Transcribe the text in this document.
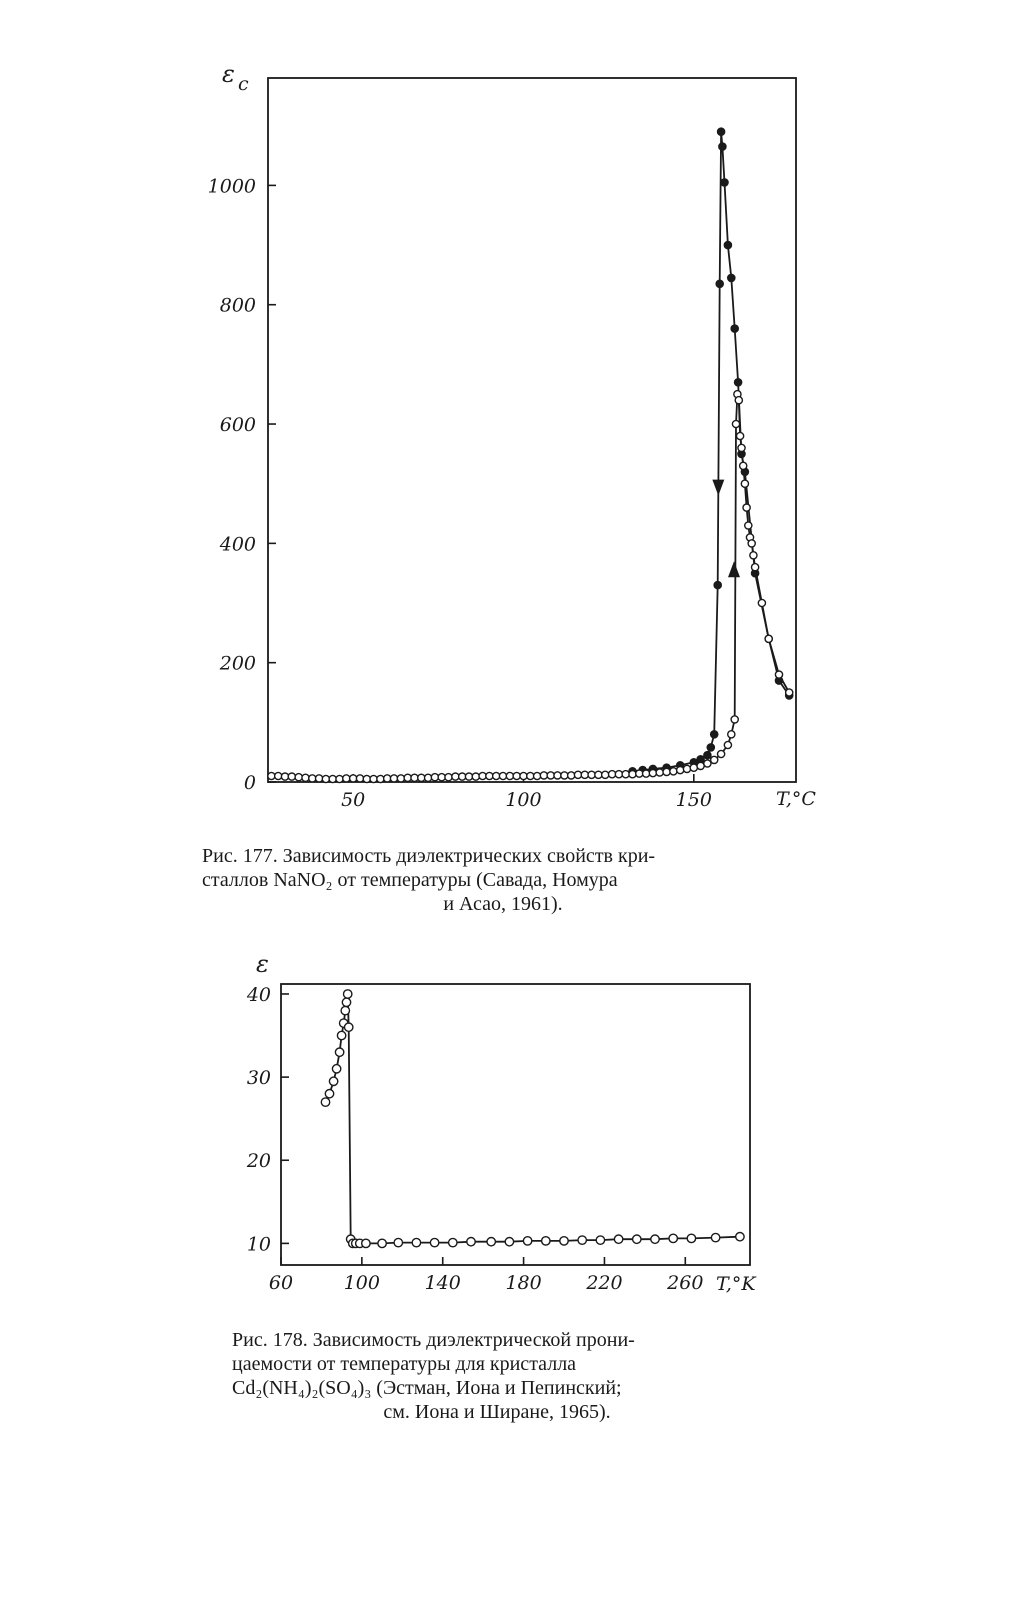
0
200
400
600
800
1000
50	100	150
ε c
T,°C
10
20
30
40
60	100 140 180 220 260
ε
T,°K
Рис. 177. Зависимость диэлектрических свойств кри-
сталлов NaNO₂ от температуры (Савада, Номура
и Асао, 1961).
Рис. 178. Зависимость диэлектрической прони-
цаемости от температуры для кристалла
Cd₂(NH₄)₂(SO₄)₃ (Эстман, Иона и Пепинский;
см. Иона и Ширане, 1965).
